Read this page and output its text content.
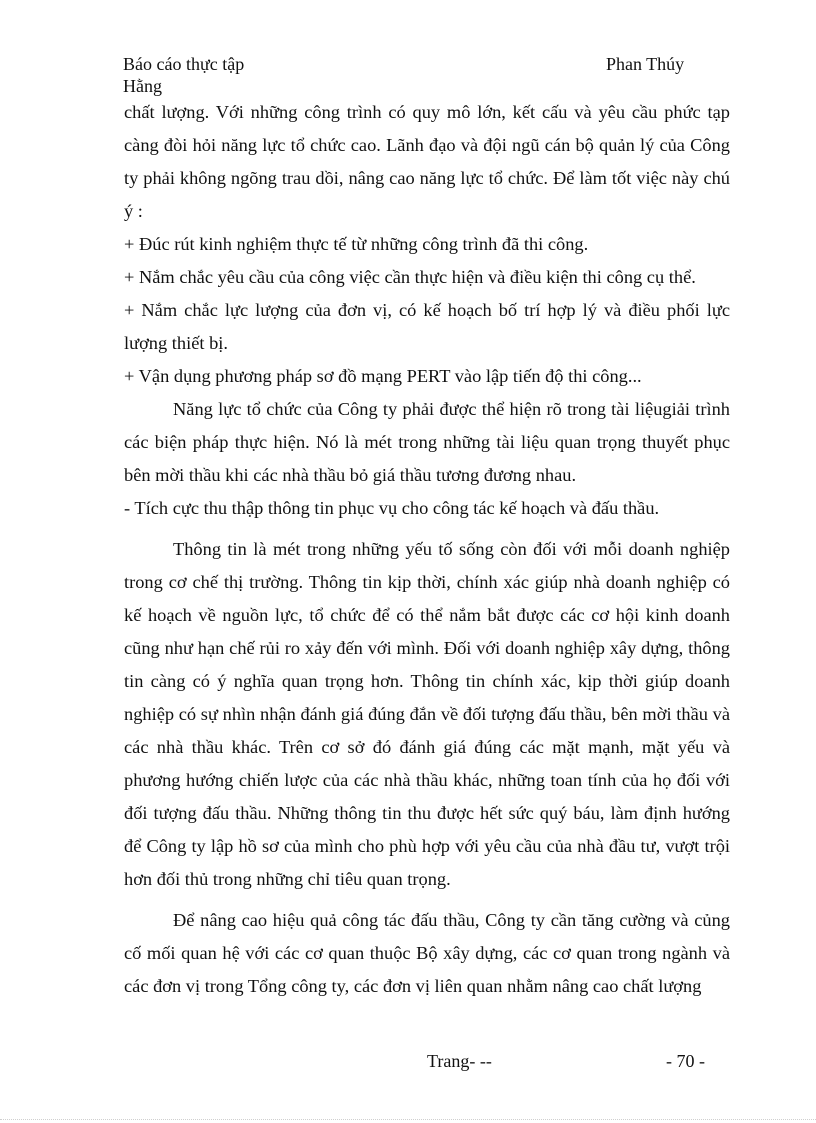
Báo cáo thực tập
Hằng
Phan Thúy

chất lượng. Với những công trình có quy mô lớn, kết cấu và yêu cầu phức tạp càng đòi hỏi năng lực tổ chức cao. Lãnh đạo và đội ngũ cán bộ quản lý của Công ty phải không ngõng trau dồi, nâng cao năng lực tổ chức. Để làm tốt việc này chú ý :

+ Đúc rút kinh nghiệm thực tế từ những công trình đã thi công.

+ Nắm chắc yêu cầu của công việc cần thực hiện và điều kiện thi công cụ thể.

+ Nắm chắc lực lượng của đơn vị, có kế hoạch bố trí hợp lý và điều phối lực lượng thiết bị.

+ Vận dụng phương pháp sơ đồ mạng PERT vào lập tiến độ thi công...

Năng lực tổ chức của Công ty phải được thể hiện rõ trong tài liệugiải trình các biện pháp thực hiện. Nó là mét trong những tài liệu quan trọng thuyết phục bên mời thầu khi các nhà thầu bỏ giá thầu tương đương nhau.

- Tích cực thu thập thông tin phục vụ cho công tác kế hoạch và đấu thầu.

Thông tin là mét trong những yếu tố sống còn đối với mỗi doanh nghiệp trong cơ chế thị trường. Thông tin kịp thời, chính xác giúp nhà doanh nghiệp có kế hoạch về nguồn lực, tổ chức để có thể nắm bắt được các cơ hội kinh doanh cũng như hạn chế rủi ro xảy đến với mình. Đối với doanh nghiệp xây dựng, thông tin càng có ý nghĩa quan trọng hơn. Thông tin chính xác, kịp thời giúp doanh nghiệp có sự nhìn nhận đánh giá đúng đắn về đối tượng đấu thầu, bên mời thầu và các nhà thầu khác. Trên cơ sở đó đánh giá đúng các mặt mạnh, mặt yếu và phương hướng chiến lược của các nhà thầu khác, những toan tính của họ đối với đối tượng đấu thầu. Những thông tin thu được hết sức quý báu, làm định hướng để Công ty lập hồ sơ của mình cho phù hợp với yêu cầu của nhà đầu tư, vượt trội hơn đối thủ trong những chỉ tiêu quan trọng.

Để nâng cao hiệu quả công tác đấu thầu, Công ty cần tăng cường và củng cố mối quan hệ với các cơ quan thuộc Bộ xây dựng, các cơ quan trong ngành và các đơn vị trong Tổng công ty, các đơn vị liên quan nhằm nâng cao chất lượng

Trang- --	- 70 -
